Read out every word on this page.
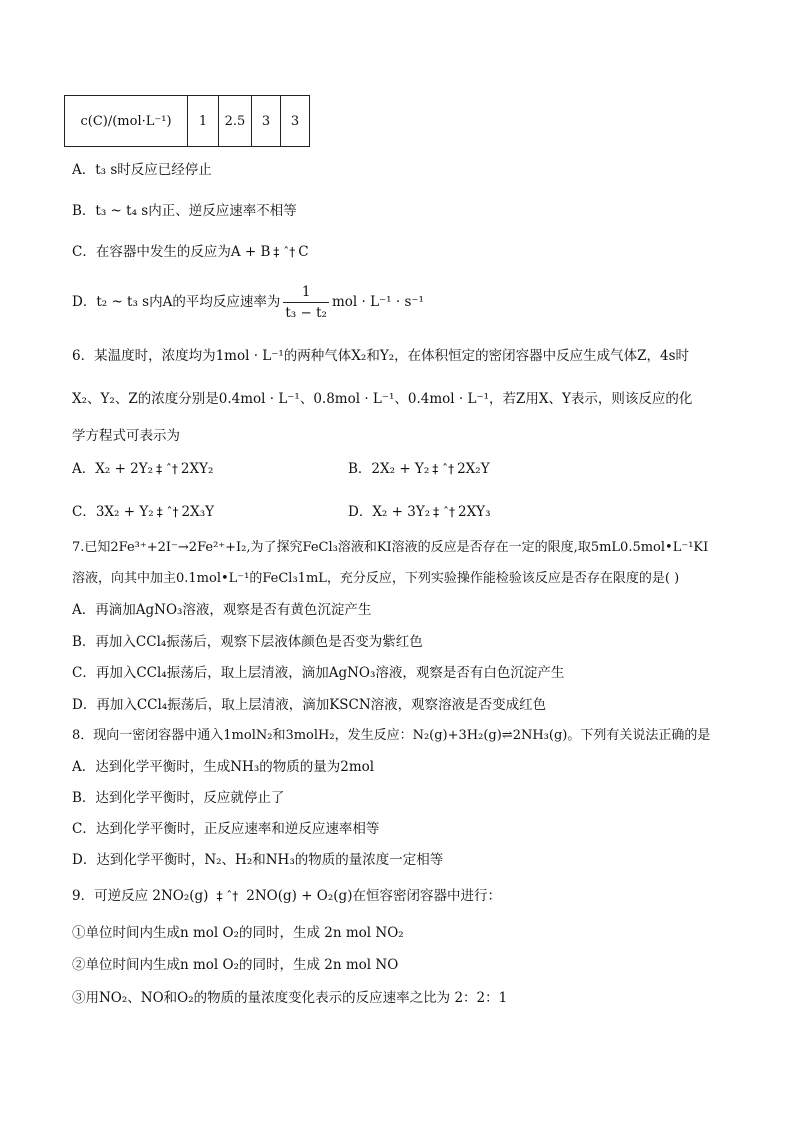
c(C)/(mol·L⁻¹)	1	2.5	3	3
A．t₃ s时反应已经停止
B．t₃ ~ t₄ s内正、逆反应速率不相等
C．在容器中发生的反应为A + B ‡ ˆ† C
D．t₂ ~ t₃ s内A的平均反应速率为 $\frac{1}{\text{t₃ − t₂}}$ mol · L⁻¹ · s⁻¹
6．某温度时，浓度均为1mol · L⁻¹的两种气体X₂和Y₂，在体积恒定的密闭容器中反应生成气体Z，4s时
X₂、Y₂、Z的浓度分别是0.4mol · L⁻¹、0.8mol · L⁻¹、0.4mol · L⁻¹，若Z用X、Y表示，则该反应的化
学方程式可表示为
A．X₂ + 2Y₂ ‡ ˆ† 2XY₂	B．2X₂ + Y₂ ‡ ˆ† 2X₂Y
C．3X₂ + Y₂ ‡ ˆ† 2X₃Y	D．X₂ + 3Y₂ ‡ ˆ† 2XY₃
7.已知2Fe³⁺+2I⁻→2Fe²⁺+I₂,为了探究FeCl₃溶液和KI溶液的反应是否存在一定的限度,取5mL0.5mol•L⁻¹KI
溶液，向其中加主0.1mol•L⁻¹的FeCl₃1mL，充分反应，下列实验操作能检验该反应是否存在限度的是( )
A．再滴加AgNO₃溶液，观察是否有黄色沉淀产生
B．再加入CCl₄振荡后，观察下层液体颜色是否变为紫红色
C．再加入CCl₄振荡后，取上层清液，滴加AgNO₃溶液，观察是否有白色沉淀产生
D．再加入CCl₄振荡后，取上层清液，滴加KSCN溶液，观察溶液是否变成红色
8．现向一密闭容器中通入1molN₂和3molH₂，发生反应：N₂(g)+3H₂(g)⇌2NH₃(g)。下列有关说法正确的是
A．达到化学平衡时，生成NH₃的物质的量为2mol
B．达到化学平衡时，反应就停止了
C．达到化学平衡时，正反应速率和逆反应速率相等
D．达到化学平衡时，N₂、H₂和NH₃的物质的量浓度一定相等
9．可逆反应 2NO₂(g) ‡ ˆ† 2NO(g) + O₂(g)在恒容密闭容器中进行：
①单位时间内生成n mol O₂的同时，生成 2n mol NO₂
②单位时间内生成n mol O₂的同时，生成 2n mol NO
③用NO₂、NO和O₂的物质的量浓度变化表示的反应速率之比为 2：2：1
